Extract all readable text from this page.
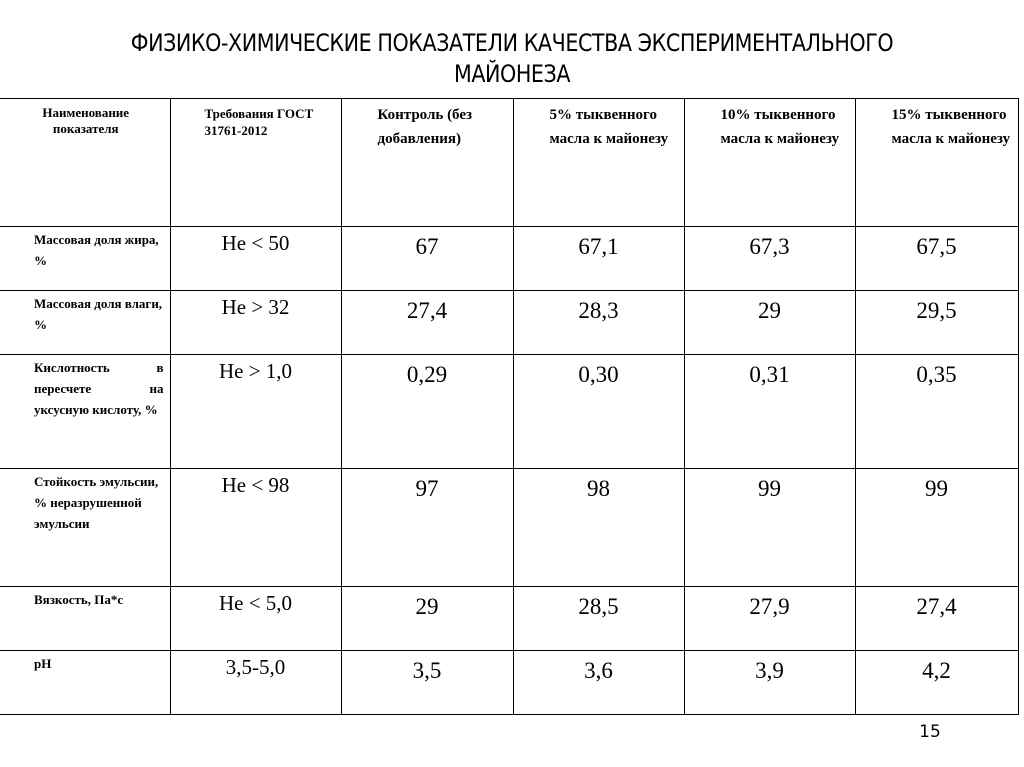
ФИЗИКО-ХИМИЧЕСКИЕ ПОКАЗАТЕЛИ КАЧЕСТВА ЭКСПЕРИМЕНТАЛЬНОГО
МАЙОНЕЗА
Наименование показателя	Требования ГОСТ 31761-2012	Контроль (без добавления)	5% тыквенного масла к майонезу	10% тыквенного масла к майонезу	15% тыквенного масла к майонезу
Массовая доля жира, %	Не < 50	67	67,1	67,3	67,5
Массовая доля влаги, %	Не > 32	27,4	28,3	29	29,5
Кислотность в пересчете на уксусную кислоту, %	Не > 1,0	0,29	0,30	0,31	0,35
Стойкость эмульсии, % неразрушенной эмульсии	Не < 98	97	98	99	99
Вязкость, Па*с	Не < 5,0	29	28,5	27,9	27,4
pH	3,5-5,0	3,5	3,6	3,9	4,2
15
